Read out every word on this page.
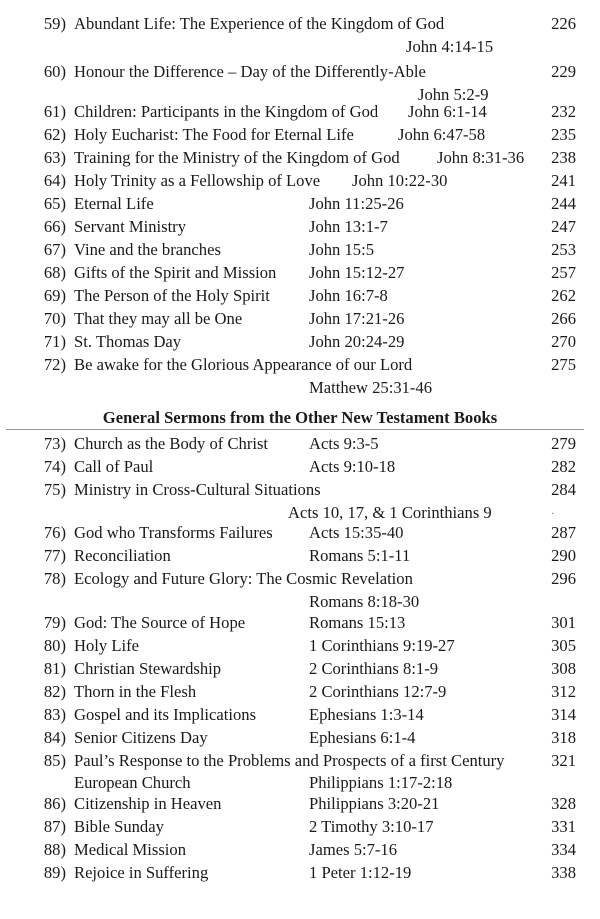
59) Abundant Life: The Experience of the Kingdom of God	226
John 4:14-15
60) Honour the Difference – Day of the Differently-Able	229
John 5:2-9
61) Children: Participants in the Kingdom of God John 6:1-14	232
62) Holy Eucharist: The Food for Eternal Life	John 6:47-58	235
63) Training for the Ministry of the Kingdom of God John 8:31-36	238
64) Holy Trinity as a Fellowship of Love John 10:22-30	241
65) Eternal Life	John 11:25-26	244
66) Servant Ministry	John 13:1-7	247
67) Vine and the branches	John 15:5	253
68) Gifts of the Spirit and Mission John 15:12-27	257
69) The Person of the Holy Spirit John 16:7-8	262
70) That they may all be One	John 17:21-26	266
71) St. Thomas Day	John 20:24-29	270
72) Be awake for the Glorious Appearance of our Lord	275
Matthew 25:31-46
General Sermons from the Other New Testament Books
73) Church as the Body of Christ Acts 9:3-5	279
74) Call of Paul	Acts 9:10-18	282
75) Ministry in Cross-Cultural Situations	284
Acts 10, 17, & 1 Corinthians 9	·
76) God who Transforms Failures Acts 15:35-40	287
77) Reconciliation	Romans 5:1-11	290
78) Ecology and Future Glory: The Cosmic Revelation	296
Romans 8:18-30
79) God: The Source of Hope	Romans 15:13	301
80) Holy Life	1 Corinthians 9:19-27	305
81) Christian Stewardship	2 Corinthians 8:1-9	308
82) Thorn in the Flesh	2 Corinthians 12:7-9	312
83) Gospel and its Implications	Ephesians 1:3-14	314
84) Senior Citizens Day	Ephesians 6:1-4	318
85) Paul’s Response to the Problems and Prospects of a first Century	321
European Church	Philippians 1:17-2:18
86) Citizenship in Heaven	Philippians 3:20-21	328
87) Bible Sunday	2 Timothy 3:10-17	331
88) Medical Mission	James 5:7-16	334
89) Rejoice in Suffering	1 Peter 1:12-19	338
